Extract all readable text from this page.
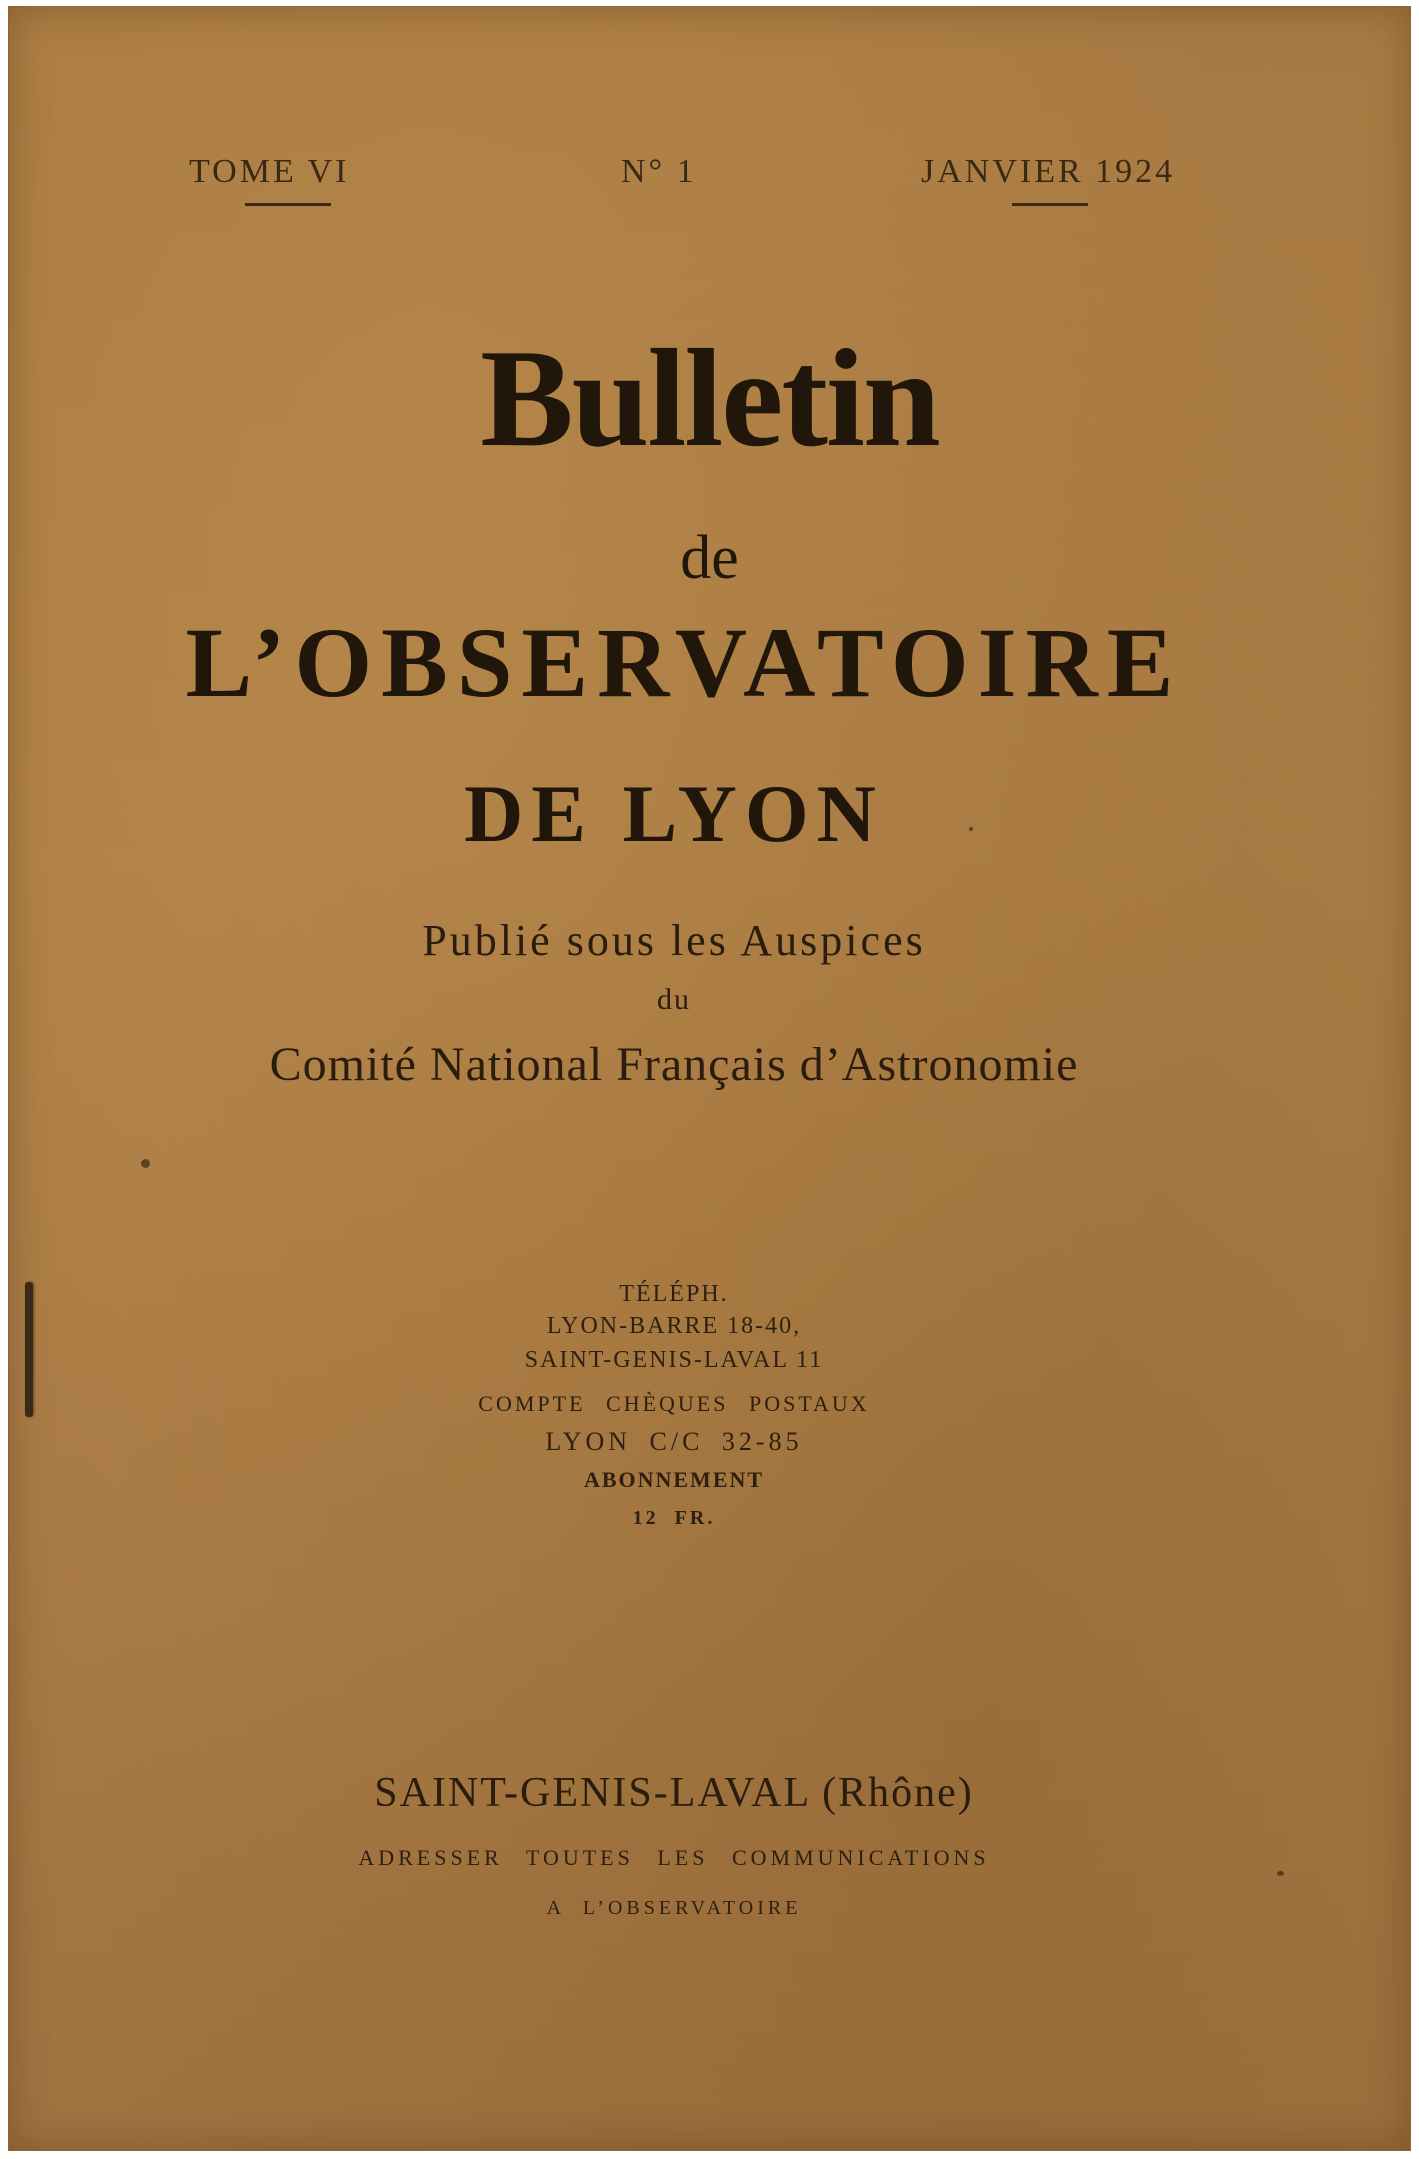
TOME VI	N° 1	JANVIER 1924
Bulletin
de
L’OBSERVATOIRE
DE LYON
Publié sous les Auspices
du
Comité National Français d’Astronomie
TÉLÉPH.
LYON-BARRE 18-40,
SAINT-GENIS-LAVAL 11
COMPTE CHÈQUES POSTAUX
LYON C/C 32-85
ABONNEMENT
12 FR.
SAINT-GENIS-LAVAL (Rhône)
ADRESSER TOUTES LES COMMUNICATIONS
A L’OBSERVATOIRE
